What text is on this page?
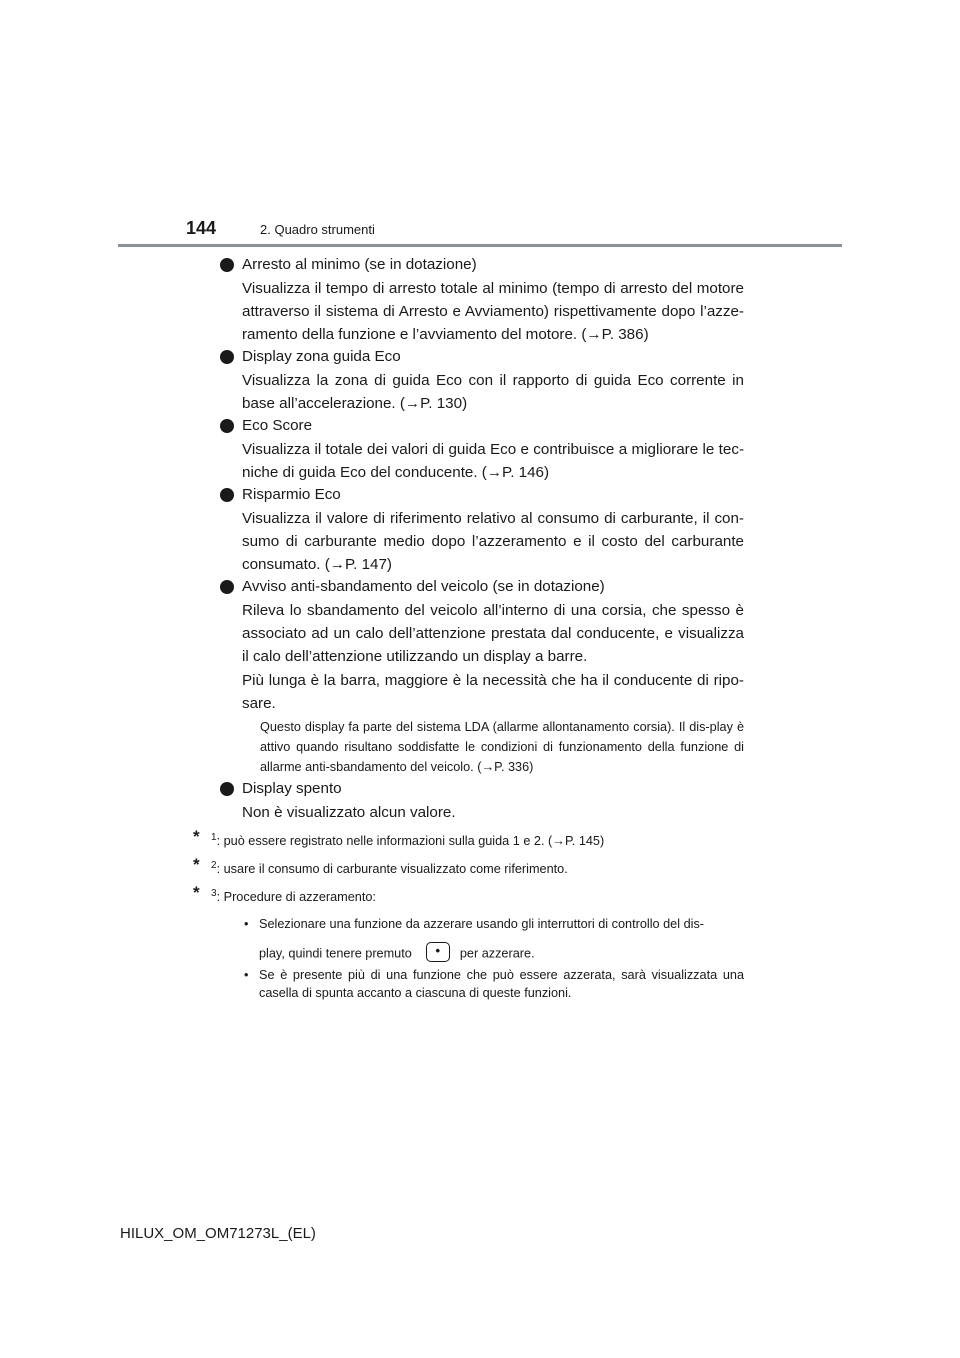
144	2. Quadro strumenti
Arresto al minimo (se in dotazione)

Visualizza il tempo di arresto totale al minimo (tempo di arresto del motore attraverso il sistema di Arresto e Avviamento) rispettivamente dopo l’azze-ramento della funzione e l’avviamento del motore. (→P. 386)

Display zona guida Eco

Visualizza la zona di guida Eco con il rapporto di guida Eco corrente in base all’accelerazione. (→P. 130)

Eco Score

Visualizza il totale dei valori di guida Eco e contribuisce a migliorare le tec-niche di guida Eco del conducente. (→P. 146)

Risparmio Eco

Visualizza il valore di riferimento relativo al consumo di carburante, il con-sumo di carburante medio dopo l’azzeramento e il costo del carburante consumato. (→P. 147)

Avviso anti-sbandamento del veicolo (se in dotazione)

Rileva lo sbandamento del veicolo all’interno di una corsia, che spesso è associato ad un calo dell’attenzione prestata dal conducente, e visualizza il calo dell’attenzione utilizzando un display a barre.

Più lunga è la barra, maggiore è la necessità che ha il conducente di ripo-sare.

Questo display fa parte del sistema LDA (allarme allontanamento corsia). Il dis-play è attivo quando risultano soddisfatte le condizioni di funzionamento della funzione di allarme anti-sbandamento del veicolo. (→P. 336)

Display spento

Non è visualizzato alcun valore.

* $^1$: può essere registrato nelle informazioni sulla guida 1 e 2. (→P. 145)
* $^2$: usare il consumo di carburante visualizzato come riferimento.
* $^3$: Procedure di azzeramento:
• Selezionare una funzione da azzerare usando gli interruttori di controllo del dis-
play, quindi tenere premuto • per azzerare.
• Se è presente più di una funzione che può essere azzerata, sarà visualizzata una casella di spunta accanto a ciascuna di queste funzioni.
HILUX_OM_OM71273L_(EL)
